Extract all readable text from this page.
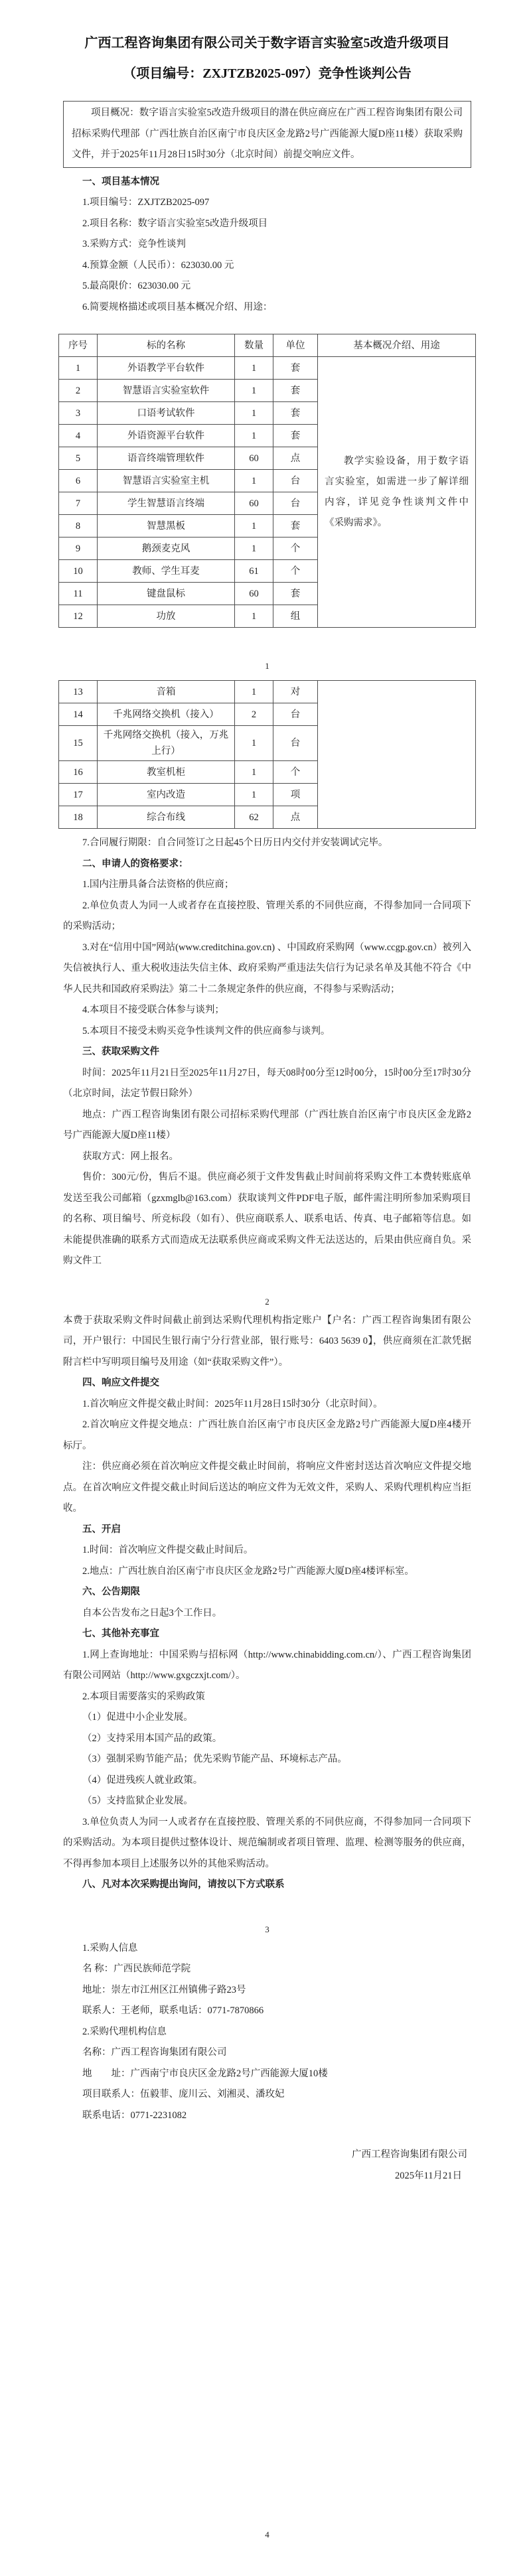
广西工程咨询集团有限公司关于数字语言实验室5改造升级项目
（项目编号：ZXJTZB2025-097）竞争性谈判公告

项目概况：数字语言实验室5改造升级项目的潜在供应商应在广西工程咨询集团有限公司招标采购代理部（广西壮族自治区南宁市良庆区金龙路2号广西能源大厦D座11楼）获取采购文件，并于2025年11月28日15时30分（北京时间）前提交响应文件。

一、项目基本情况

1.项目编号：ZXJTZB2025-097

2.项目名称：数字语言实验室5改造升级项目

3.采购方式：竞争性谈判

4.预算金额（人民币）：623030.00 元

5.最高限价：623030.00 元

6.简要规格描述或项目基本概况介绍、用途：

序号	标的名称	数量	单位	基本概况介绍、用途
1	外语教学平台软件	1	套	教学实验设备，用于数字语言实验室，如需进一步了解详细内容，详见竞争性谈判文件中《采购需求》。
2	智慧语言实验室软件	1	套	
3	口语考试软件	1	套	
4	外语资源平台软件	1	套	
5	语音终端管理软件	60	点	
6	智慧语言实验室主机	1	台	
7	学生智慧语言终端	60	台	
8	智慧黑板	1	套	
9	鹅颈麦克风	1	个	
10	教师、学生耳麦	61	个	
11	键盘鼠标	60	套	
12	功放	1	组	
1
13	音箱	1	对	
14	千兆网络交换机（接入）	2	台	
15	千兆网络交换机（接入，万兆上行）	1	台	
16	教室机柜	1	个	
17	室内改造	1	项	
18	综合布线	62	点	

7.合同履行期限：自合同签订之日起45个日历日内交付并安装调试完毕。

二、申请人的资格要求：

1.国内注册具备合法资格的供应商；

2.单位负责人为同一人或者存在直接控股、管理关系的不同供应商，不得参加同一合同项下的采购活动；

3.对在“信用中国”网站(www.creditchina.gov.cn) 、中国政府采购网（www.ccgp.gov.cn）被列入失信被执行人、重大税收违法失信主体、政府采购严重违法失信行为记录名单及其他不符合《中华人民共和国政府采购法》第二十二条规定条件的供应商，不得参与采购活动；

4.本项目不接受联合体参与谈判；

5.本项目不接受未购买竞争性谈判文件的供应商参与谈判。

三、获取采购文件

时间：2025年11月21日至2025年11月27日，每天08时00分至12时00分，15时00分至17时30分（北京时间，法定节假日除外）

地点：广西工程咨询集团有限公司招标采购代理部（广西壮族自治区南宁市良庆区金龙路2号广西能源大厦D座11楼）

获取方式：网上报名。

售价：300元/份，售后不退。供应商必须于文件发售截止时间前将采购文件工本费转账底单发送至我公司邮箱（gzxmglb@163.com）获取谈判文件PDF电子版，邮件需注明所参加采购项目的名称、项目编号、所竞标段（如有）、供应商联系人、联系电话、传真、电子邮箱等信息。如未能提供准确的联系方式而造成无法联系供应商或采购文件无法送达的，后果由供应商自负。采购文件工

2

本费于获取采购文件时间截止前到达采购代理机构指定账户【户名：广西工程咨询集团有限公司，开户银行：中国民生银行南宁分行营业部，银行账号：6403 5639 0】，供应商须在汇款凭据附言栏中写明项目编号及用途（如“获取采购文件”）。

四、响应文件提交

1.首次响应文件提交截止时间：2025年11月28日15时30分（北京时间）。

2.首次响应文件提交地点：广西壮族自治区南宁市良庆区金龙路2号广西能源大厦D座4楼开标厅。

注：供应商必须在首次响应文件提交截止时间前，将响应文件密封送达首次响应文件提交地点。在首次响应文件提交截止时间后送达的响应文件为无效文件，采购人、采购代理机构应当拒收。

五、开启

1.时间：首次响应文件提交截止时间后。

2.地点：广西壮族自治区南宁市良庆区金龙路2号广西能源大厦D座4楼评标室。

六、公告期限

自本公告发布之日起3个工作日。

七、其他补充事宜

1.网上查询地址：中国采购与招标网（http://www.chinabidding.com.cn/）、广西工程咨询集团有限公司网站（http://www.gxgczxjt.com/）。

2.本项目需要落实的采购政策

（1）促进中小企业发展。

（2）支持采用本国产品的政策。

（3）强制采购节能产品；优先采购节能产品、环境标志产品。

（4）促进残疾人就业政策。

（5）支持监狱企业发展。

3.单位负责人为同一人或者存在直接控股、管理关系的不同供应商，不得参加同一合同项下的采购活动。为本项目提供过整体设计、规范编制或者项目管理、监理、检测等服务的供应商，不得再参加本项目上述服务以外的其他采购活动。

八、凡对本次采购提出询问，请按以下方式联系

3

1.采购人信息

名 称：广西民族师范学院

地址：崇左市江州区江州镇佛子路23号

联系人：王老师，联系电话：0771-7870866

2.采购代理机构信息

名称：广西工程咨询集团有限公司

地　　址：广西南宁市良庆区金龙路2号广西能源大厦10楼

项目联系人：伍毅菲、庞川云、刘湘灵、潘玫妃

联系电话：0771-2231082

广西工程咨询集团有限公司

2025年11月21日

4
